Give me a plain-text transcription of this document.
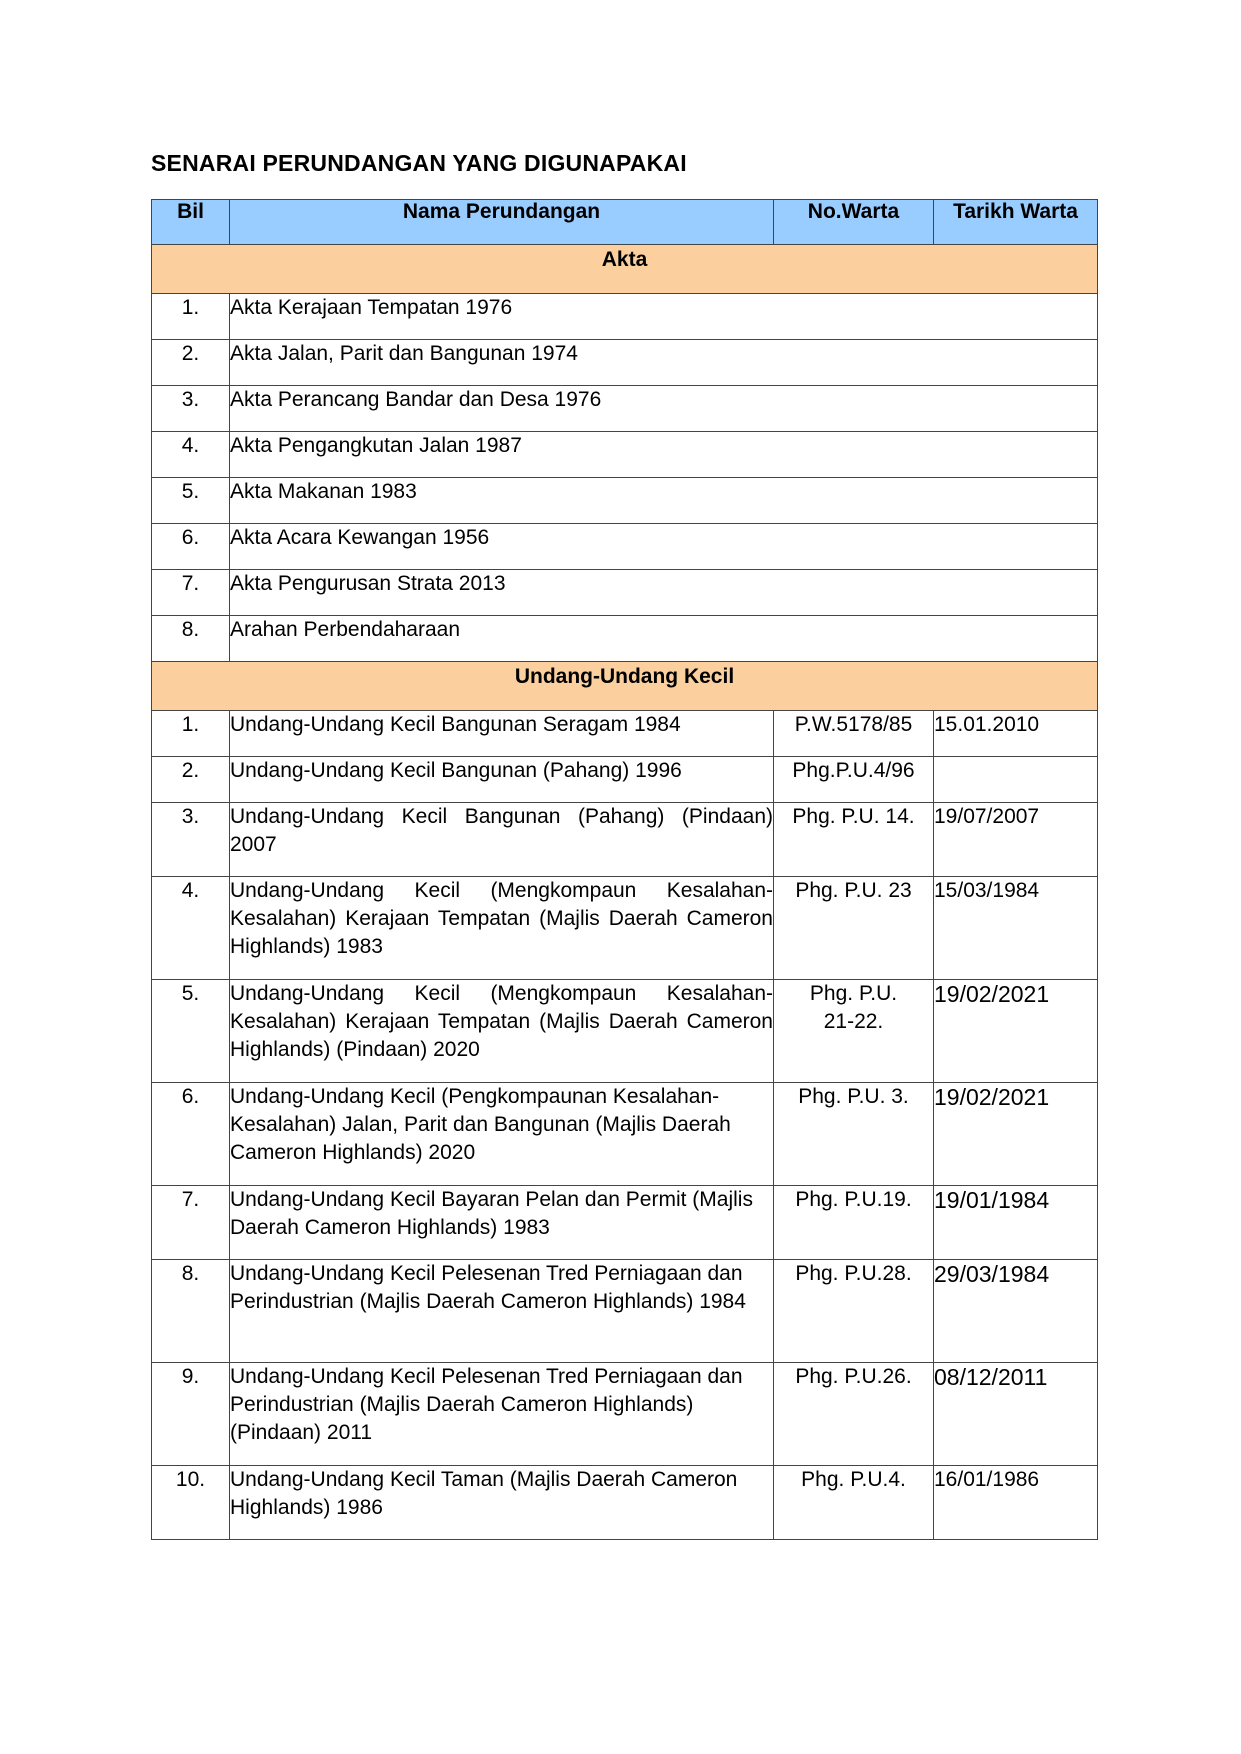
SENARAI PERUNDANGAN YANG DIGUNAPAKAI
Bil	Nama Perundangan	No.Warta	Tarikh Warta
Akta			
1.	Akta Kerajaan Tempatan 1976		
2.	Akta Jalan, Parit dan Bangunan 1974		
3.	Akta Perancang Bandar dan Desa 1976		
4.	Akta Pengangkutan Jalan 1987		
5.	Akta Makanan 1983		
6.	Akta Acara Kewangan 1956		
7.	Akta Pengurusan Strata 2013		
8.	Arahan Perbendaharaan		
Undang-Undang Kecil			
1.	Undang-Undang Kecil Bangunan Seragam 1984	P.W.5178/85	15.01.2010
2.	Undang-Undang Kecil Bangunan (Pahang) 1996	Phg.P.U.4/96	
3.	Undang-Undang Kecil Bangunan (Pahang) (Pindaan) 2007	Phg. P.U. 14.	19/07/2007
4.	Undang-Undang Kecil (Mengkompaun Kesalahan-Kesalahan) Kerajaan Tempatan (Majlis Daerah Cameron Highlands) 1983	Phg. P.U. 23	15/03/1984
5.	Undang-Undang Kecil (Mengkompaun Kesalahan-Kesalahan) Kerajaan Tempatan (Majlis Daerah Cameron Highlands) (Pindaan) 2020	Phg. P.U. 21-22.	19/02/2021
6.	Undang-Undang Kecil (Pengkompaunan Kesalahan-Kesalahan) Jalan, Parit dan Bangunan (Majlis Daerah Cameron Highlands) 2020	Phg. P.U. 3.	19/02/2021
7.	Undang-Undang Kecil Bayaran Pelan dan Permit (Majlis Daerah Cameron Highlands) 1983	Phg. P.U.19.	19/01/1984
8.	Undang-Undang Kecil Pelesenan Tred Perniagaan dan Perindustrian (Majlis Daerah Cameron Highlands) 1984	Phg. P.U.28.	29/03/1984
9.	Undang-Undang Kecil Pelesenan Tred Perniagaan dan Perindustrian (Majlis Daerah Cameron Highlands) (Pindaan) 2011	Phg. P.U.26.	08/12/2011
10.	Undang-Undang Kecil Taman (Majlis Daerah Cameron Highlands) 1986	Phg. P.U.4.	16/01/1986
